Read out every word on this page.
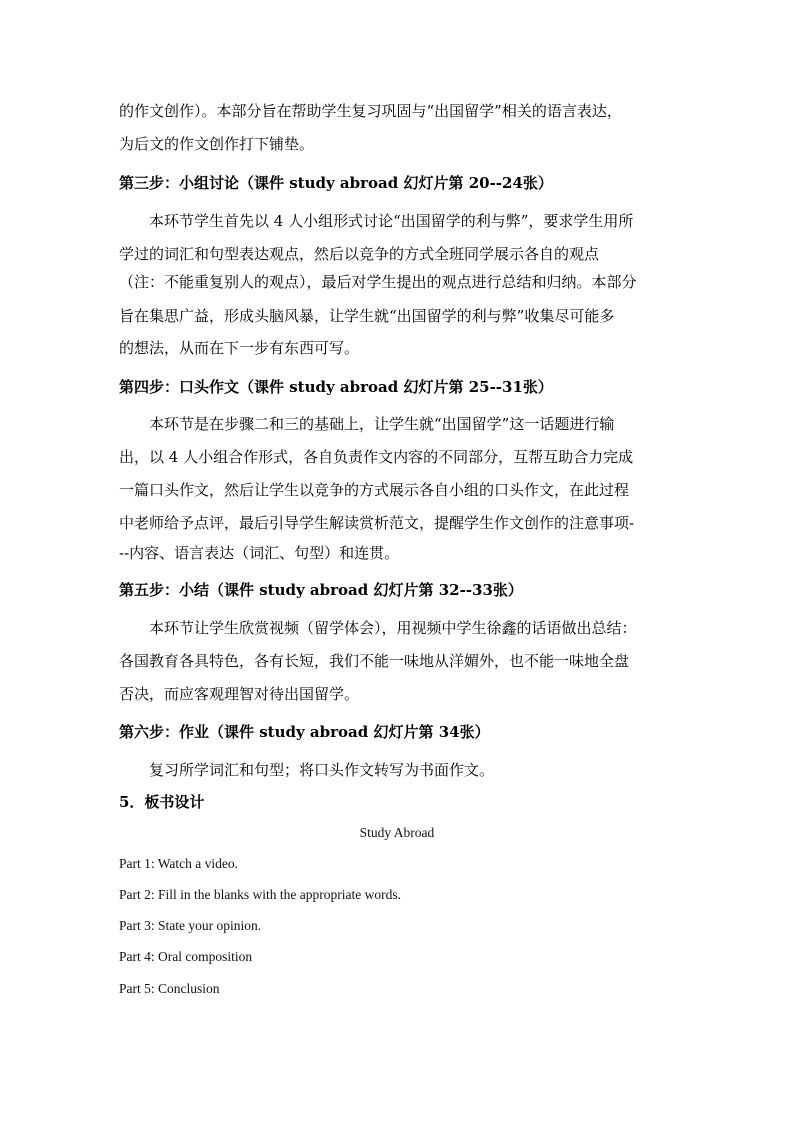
的作文创作）。本部分旨在帮助学生复习巩固与“出国留学”相关的语言表达，
为后文的作文创作打下铺垫。
第三步：小组讨论（课件 study abroad 幻灯片第 20--24张）
本环节学生首先以 4 人小组形式讨论“出国留学的利与弊”，要求学生用所
学过的词汇和句型表达观点，然后以竞争的方式全班同学展示各自的观点
（注：不能重复别人的观点），最后对学生提出的观点进行总结和归纳。本部分
旨在集思广益，形成头脑风暴，让学生就“出国留学的利与弊”收集尽可能多
的想法，从而在下一步有东西可写。
第四步：口头作文（课件 study abroad 幻灯片第 25--31张）
本环节是在步骤二和三的基础上，让学生就“出国留学”这一话题进行输
出，以 4 人小组合作形式，各自负责作文内容的不同部分，互帮互助合力完成
一篇口头作文，然后让学生以竞争的方式展示各自小组的口头作文，在此过程
中老师给予点评，最后引导学生解读赏析范文，提醒学生作文创作的注意事项-
--内容、语言表达（词汇、句型）和连贯。
第五步：小结（课件 study abroad 幻灯片第 32--33张）
本环节让学生欣赏视频（留学体会），用视频中学生徐鑫的话语做出总结：
各国教育各具特色，各有长短，我们不能一味地从洋媚外，也不能一味地全盘
否决，而应客观理智对待出国留学。
第六步：作业（课件 study abroad 幻灯片第 34张）
复习所学词汇和句型；将口头作文转写为书面作文。
5．板书设计
Study Abroad
Part 1: Watch a video.
Part 2: Fill in the blanks with the appropriate words.
Part 3: State your opinion.
Part 4: Oral composition
Part 5: Conclusion
